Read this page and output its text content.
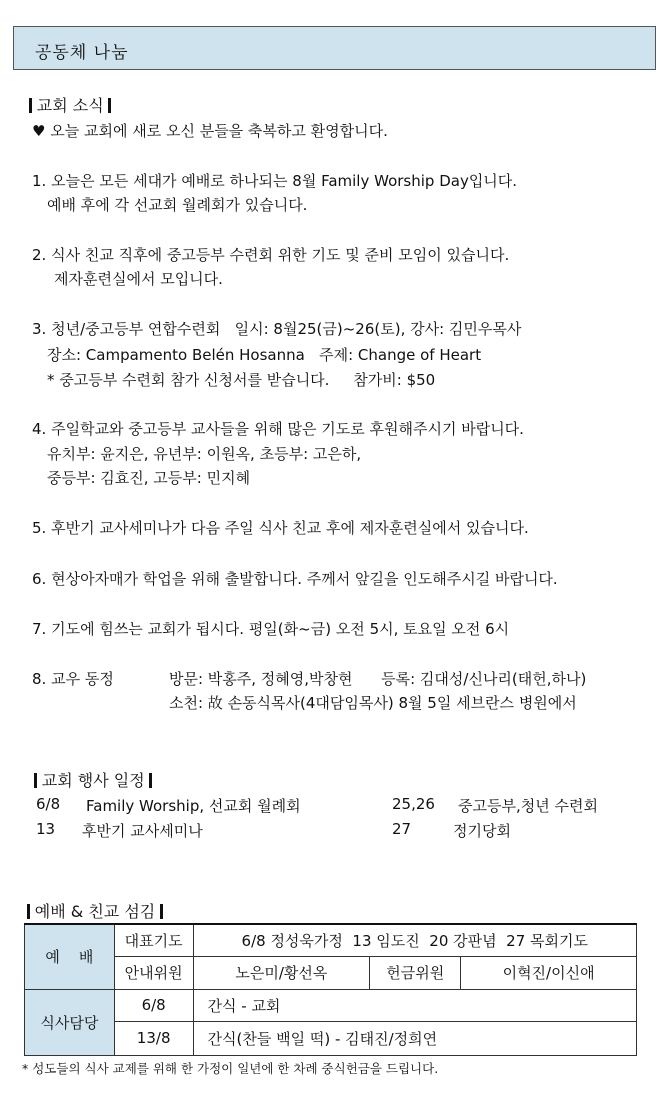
공동체 나눔
교회 소식
♥ 오늘 교회에 새로 오신 분들을 축복하고 환영합니다.
1. 오늘은 모든 세대가 예배로 하나되는 8월 Family Worship Day입니다.
예배 후에 각 선교회 월례회가 있습니다.
2. 식사 친교 직후에 중고등부 수련회 위한 기도 및 준비 모임이 있습니다.
제자훈련실에서 모입니다.
3. 청년/중고등부 연합수련회   일시: 8월25(금)~26(토), 강사: 김민우목사
장소: Campamento Belén Hosanna   주제: Change of Heart
* 중고등부 수련회 참가 신청서를 받습니다.     참가비: $50
4. 주일학교와 중고등부 교사들을 위해 많은 기도로 후원해주시기 바랍니다.
유치부: 윤지은, 유년부: 이원옥, 초등부: 고은하,
중등부: 김효진, 고등부: 민지혜
5. 후반기 교사세미나가 다음 주일 식사 친교 후에 제자훈련실에서 있습니다.
6. 현상아자매가 학업을 위해 출발합니다. 주께서 앞길을 인도해주시길 바랍니다.
7. 기도에 힘쓰는 교회가 됩시다. 평일(화~금) 오전 5시, 토요일 오전 6시
8. 교우 동정	방문: 박홍주, 정혜영,박창현      등록: 김대성/신나리(태헌,하나)
소천: 故 손동식목사(4대담임목사) 8월 5일 세브란스 병원에서
교회 행사 일정
6/8 Family Worship, 선교회 월례회	25,26 중고등부,청년 수련회
13 후반기 교사세미나	27	정기당회
예배 & 친교 섬김
예    배	대표기도	6/8 정성욱가정  13 임도진  20 강판념  27 목회기도		
	안내위원	노은미/황선옥	헌금위원	이혁진/이신애
식사담당	6/8	간식 - 교회		
	13/8	간식(찬들 백일 떡) - 김태진/정희연		
* 성도들의 식사 교제를 위해 한 가정이 일년에 한 차례 중식헌금을 드립니다.
